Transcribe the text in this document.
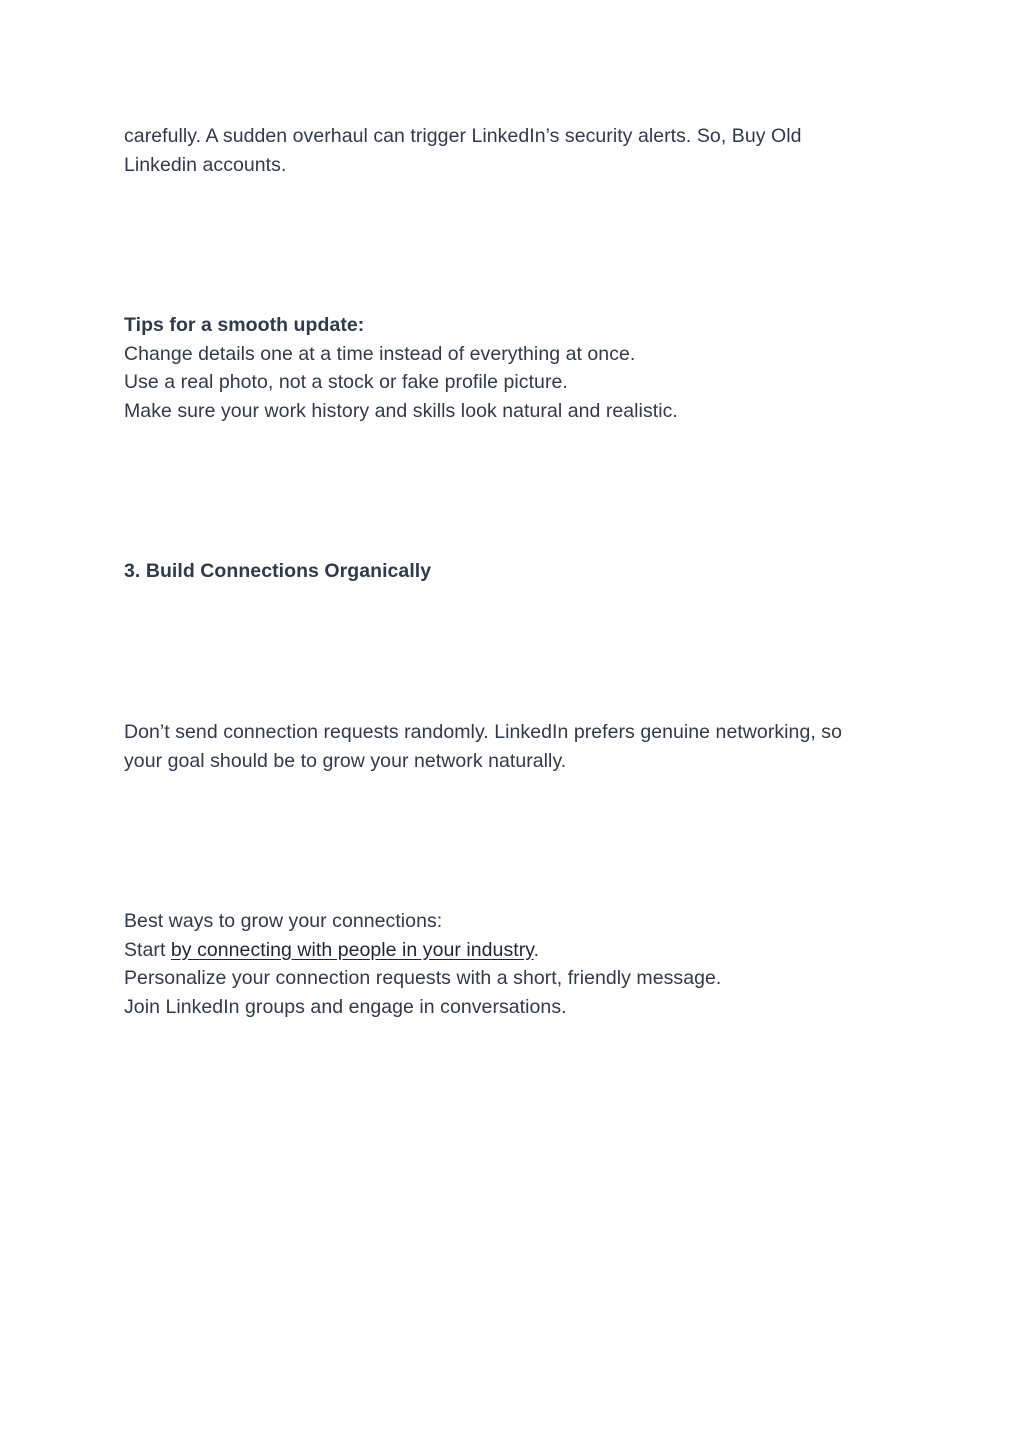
carefully. A sudden overhaul can trigger LinkedIn’s security alerts. So, Buy Old
Linkedin accounts.
Tips for a smooth update:
Change details one at a time instead of everything at once.
Use a real photo, not a stock or fake profile picture.
Make sure your work history and skills look natural and realistic.
3. Build Connections Organically
Don’t send connection requests randomly. LinkedIn prefers genuine networking, so
your goal should be to grow your network naturally.
Best ways to grow your connections:
Start by connecting with people in your industry.
Personalize your connection requests with a short, friendly message.
Join LinkedIn groups and engage in conversations.
